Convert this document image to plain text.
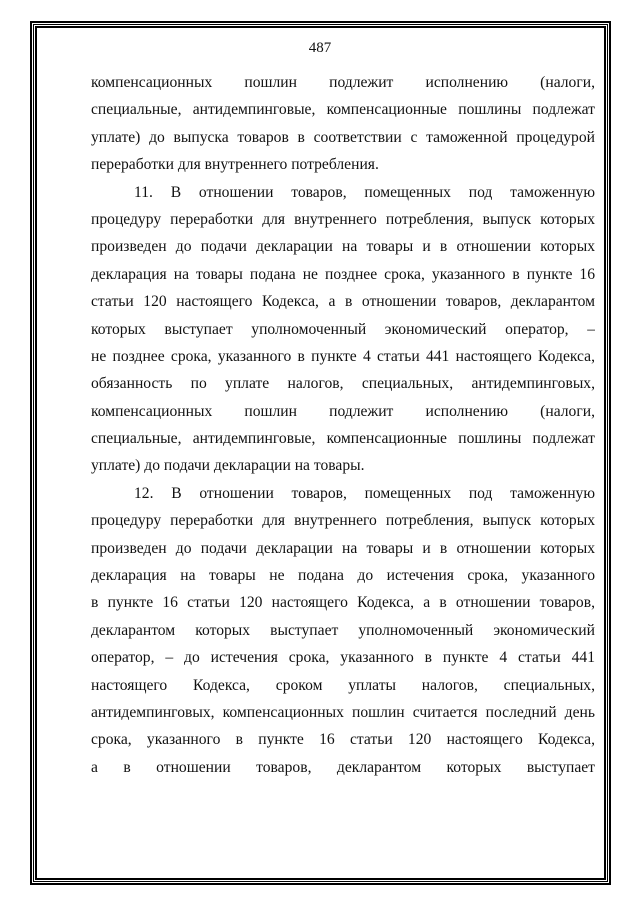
487
компенсационных пошлин подлежит исполнению (налоги,
специальные, антидемпинговые, компенсационные пошлины подлежат
уплате) до выпуска товаров в соответствии с таможенной процедурой
переработки для внутреннего потребления.
11. В отношении товаров, помещенных под таможенную
процедуру переработки для внутреннего потребления, выпуск которых
произведен до подачи декларации на товары и в отношении которых
декларация на товары подана не позднее срока, указанного в пункте 16
статьи 120 настоящего Кодекса, а в отношении товаров, декларантом
которых выступает уполномоченный экономический оператор, –
не позднее срока, указанного в пункте 4 статьи 441 настоящего Кодекса,
обязанность по уплате налогов, специальных, антидемпинговых,
компенсационных пошлин подлежит исполнению (налоги,
специальные, антидемпинговые, компенсационные пошлины подлежат
уплате) до подачи декларации на товары.
12. В отношении товаров, помещенных под таможенную
процедуру переработки для внутреннего потребления, выпуск которых
произведен до подачи декларации на товары и в отношении которых
декларация на товары не подана до истечения срока, указанного
в пункте 16 статьи 120 настоящего Кодекса, а в отношении товаров,
декларантом которых выступает уполномоченный экономический
оператор, – до истечения срока, указанного в пункте 4 статьи 441
настоящего Кодекса, сроком уплаты налогов, специальных,
антидемпинговых, компенсационных пошлин считается последний день
срока, указанного в пункте 16 статьи 120 настоящего Кодекса,
а в отношении товаров, декларантом которых выступает
